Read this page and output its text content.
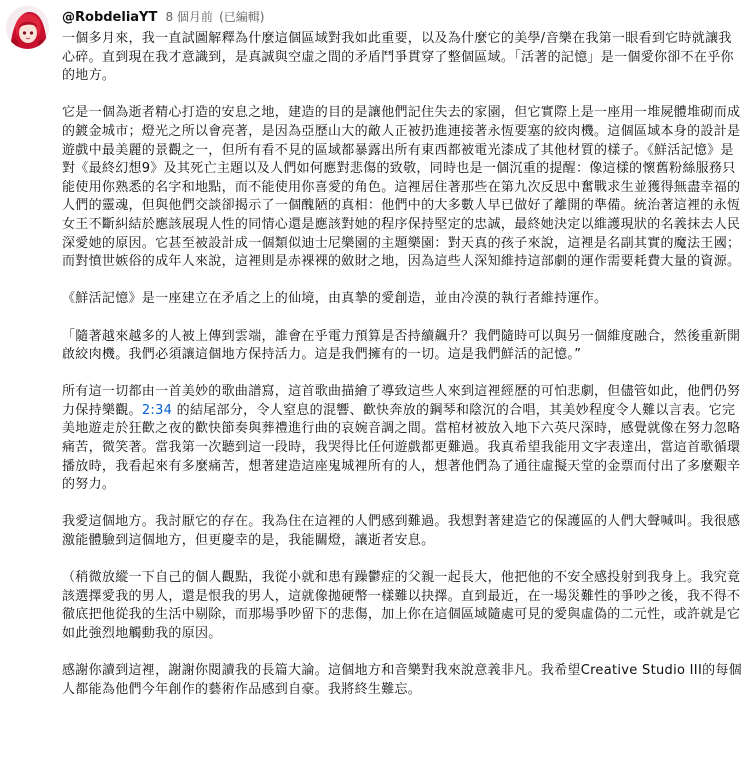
@RobdeliaYT 8 個月前 (已編輯)

一個多月來，我一直試圖解釋為什麼這個區域對我如此重要，以及為什麼它的美學/音樂在我第一眼看到它時就讓我心碎。直到現在我才意識到，是真誠與空虛之間的矛盾鬥爭貫穿了整個區域。「活著的記憶」是一個愛你卻不在乎你的地方。

它是一個為逝者精心打造的安息之地，建造的目的是讓他們記住失去的家園，但它實際上是一座用一堆屍體堆砌而成的鍍金城市；燈光之所以會亮著，是因為亞歷山大的敵人正被扔進連接著永恆要塞的絞肉機。這個區域本身的設計是遊戲中最美麗的景觀之一，但所有看不見的區域都暴露出所有東西都被電光漆成了其他材質的樣子。《鮮活記憶》是對《最終幻想9》及其死亡主題以及人們如何應對悲傷的致敬，同時也是一個沉重的提醒：像這樣的懷舊粉絲服務只能使用你熟悉的名字和地點，而不能使用你喜愛的角色。這裡居住著那些在第九次反思中奮戰求生並獲得無盡幸福的人們的靈魂，但與他們交談卻揭示了一個醜陋的真相：他們中的大多數人早已做好了離開的準備。統治著這裡的永恆女王不斷糾結於應該展現人性的同情心還是應該對她的程序保持堅定的忠誠，最終她決定以維護現狀的名義抹去人民深愛她的原因。它甚至被設計成一個類似迪士尼樂園的主題樂園：對天真的孩子來說，這裡是名副其實的魔法王國；而對憤世嫉俗的成年人來說，這裡則是赤裸裸的斂財之地，因為這些人深知維持這部劇的運作需要耗費大量的資源。

《鮮活記憶》是一座建立在矛盾之上的仙境，由真摯的愛創造，並由冷漠的執行者維持運作。

「隨著越來越多的人被上傳到雲端，誰會在乎電力預算是否持續飆升？我們隨時可以與另一個維度融合，然後重新開啟絞肉機。我們必須讓這個地方保持活力。這是我們擁有的一切。這是我們鮮活的記憶。”

所有這一切都由一首美妙的歌曲譜寫，這首歌曲描繪了導致這些人來到這裡經歷的可怕悲劇，但儘管如此，他們仍努力保持樂觀。2:34 的結尾部分，令人窒息的混響、歡快奔放的鋼琴和陰沉的合唱，其美妙程度令人難以言表。它完美地遊走於狂歡之夜的歡快節奏與葬禮進行曲的哀婉音調之間。當棺材被放入地下六英尺深時，感覺就像在努力忽略痛苦，微笑著。當我第一次聽到這一段時，我哭得比任何遊戲都更難過。我真希望我能用文字表達出，當這首歌循環播放時，我看起來有多麼痛苦，想著建造這座鬼城裡所有的人，想著他們為了通往虛擬天堂的金票而付出了多麼艱辛的努力。

我愛這個地方。我討厭它的存在。我為住在這裡的人們感到難過。我想對著建造它的保護區的人們大聲喊叫。我很感激能體驗到這個地方，但更慶幸的是，我能關燈，讓逝者安息。

（稍微放縱一下自己的個人觀點，我從小就和患有躁鬱症的父親一起長大，他把他的不安全感投射到我身上。我究竟該選擇愛我的男人，還是恨我的男人，這就像拋硬幣一樣難以抉擇。直到最近，在一場災難性的爭吵之後，我不得不徹底把他從我的生活中剔除，而那場爭吵留下的悲傷，加上你在這個區域隨處可見的愛與虛偽的二元性，或許就是它如此強烈地觸動我的原因。

感謝你讀到這裡，謝謝你閱讀我的長篇大論。這個地方和音樂對我來說意義非凡。我希望Creative Studio III的每個人都能為他們今年創作的藝術作品感到自豪。我將終生難忘。
